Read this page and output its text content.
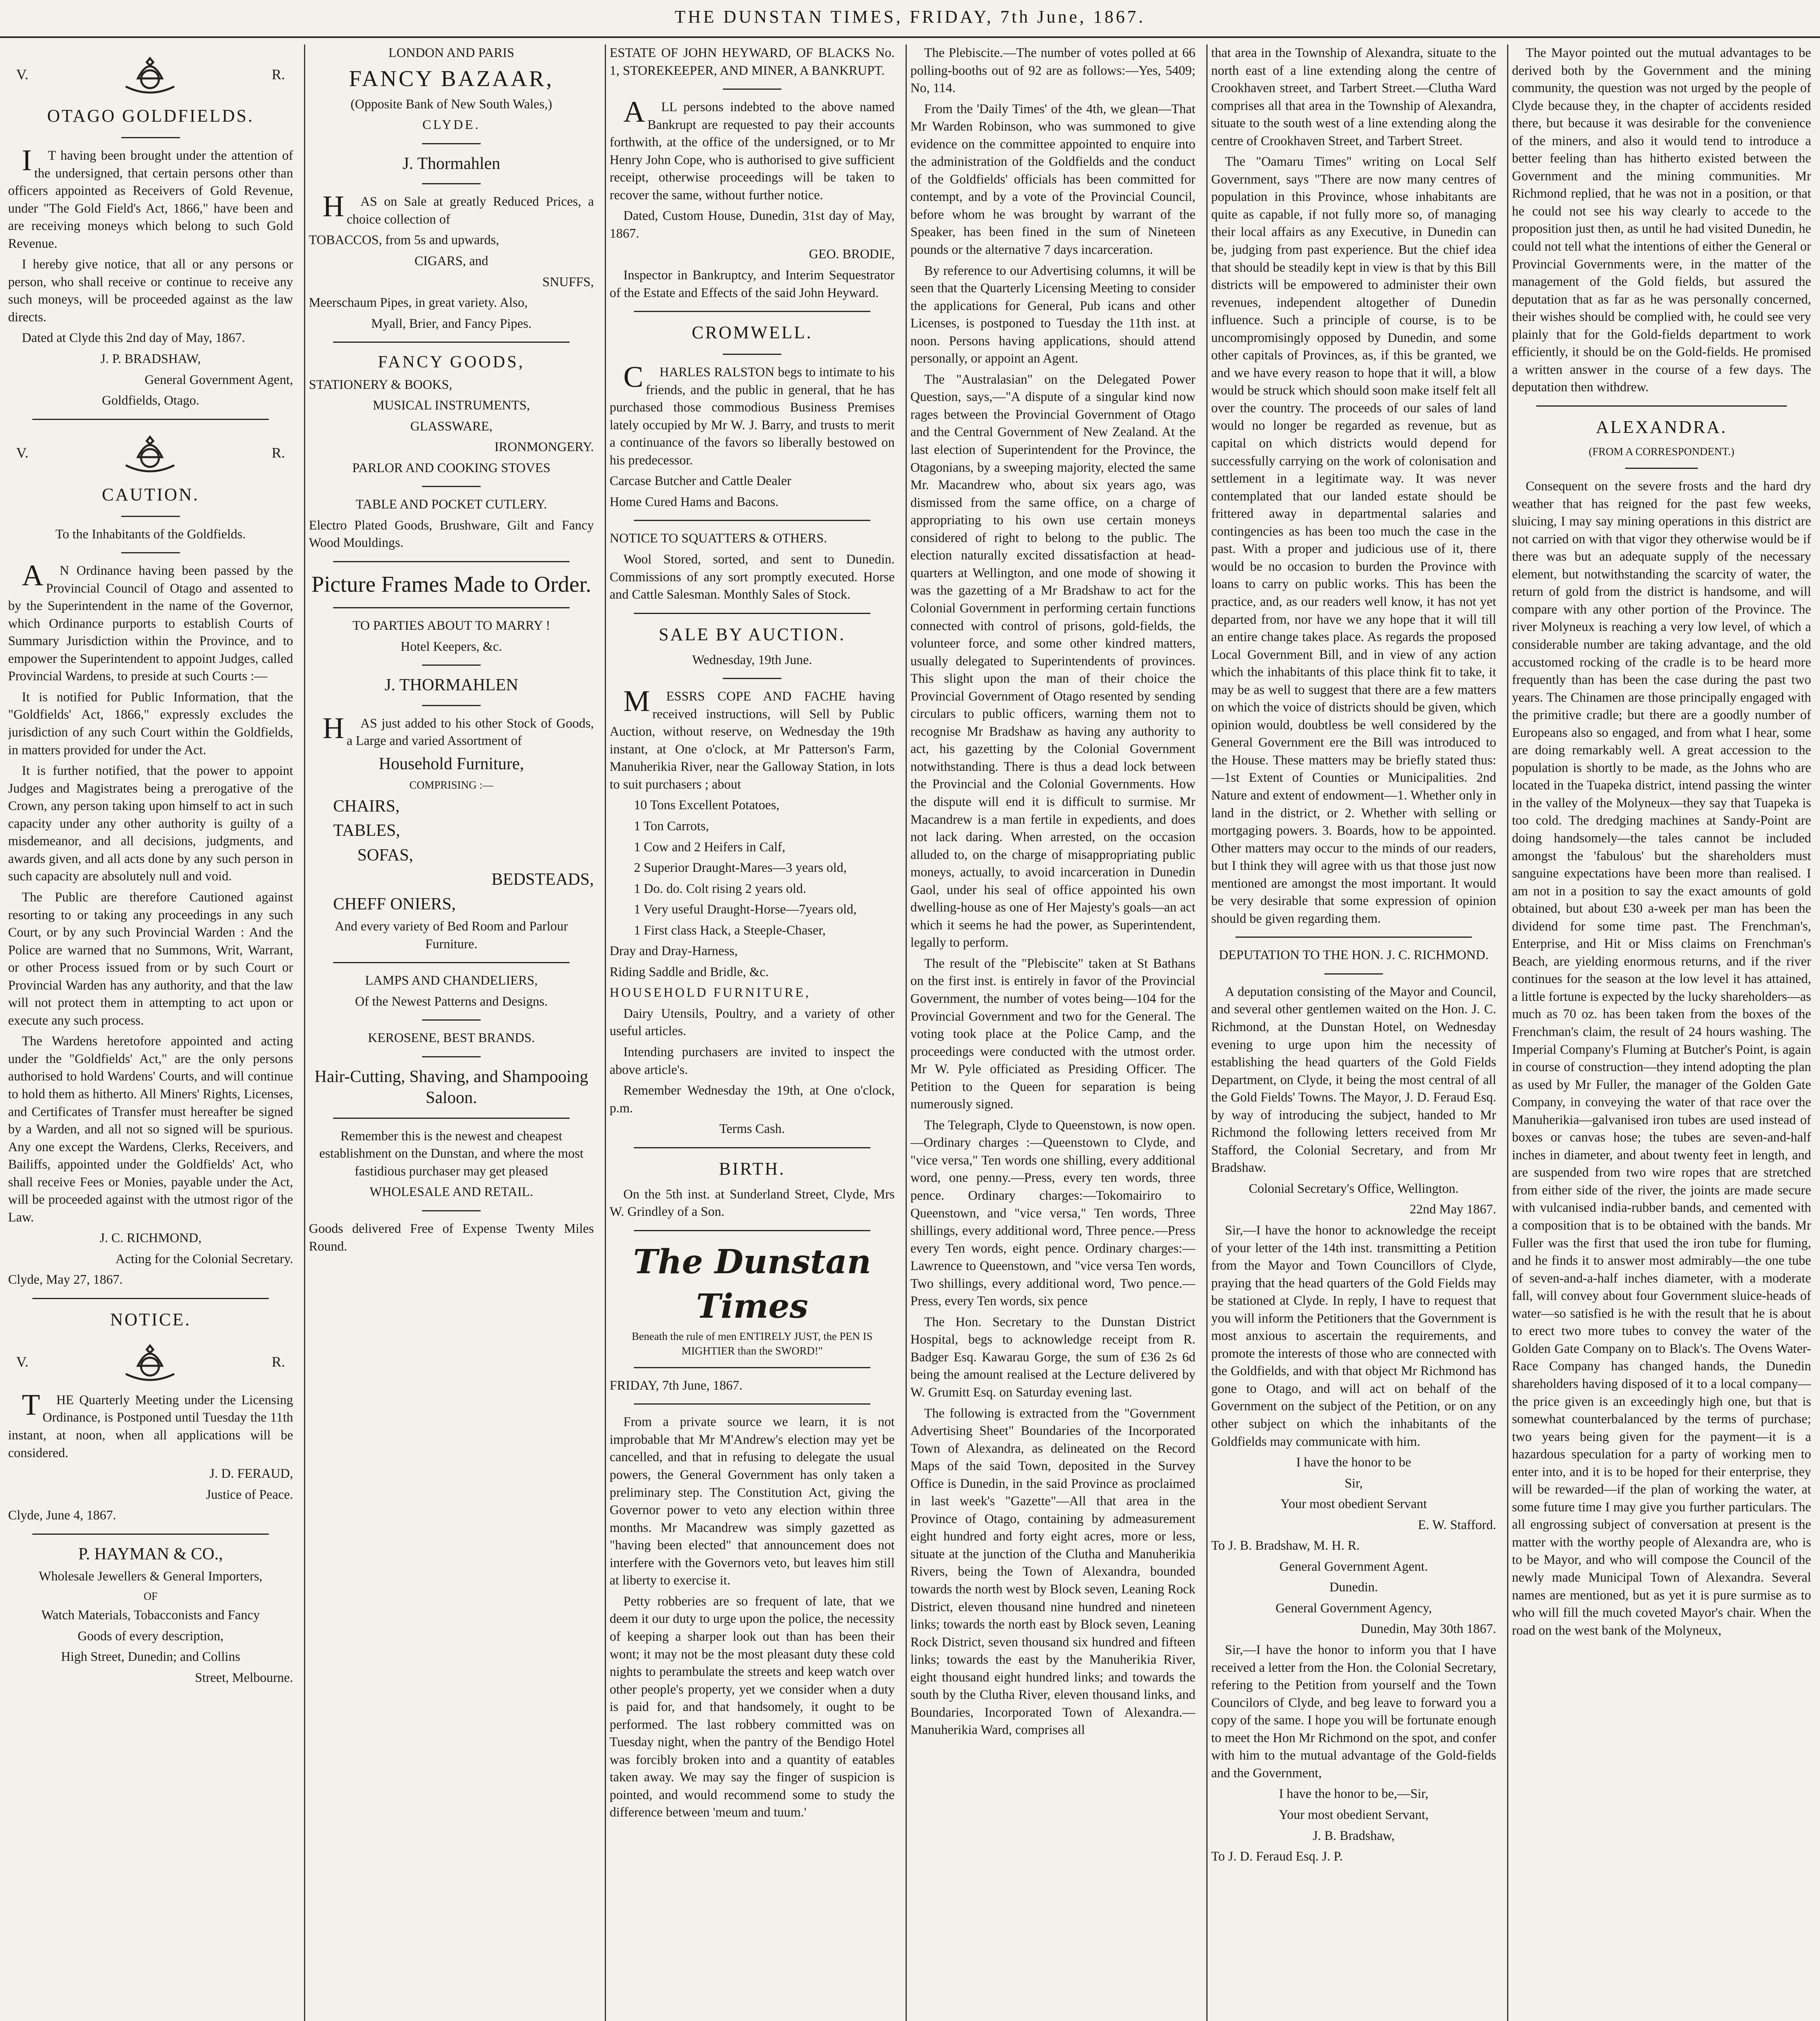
THE DUNSTAN TIMES, FRIDAY, 7th June, 1867.
V.	R.
OTAGO GOLDFIELDS.

IT having been brought under the attention of the undersigned, that certain persons other than officers appointed as Receivers of Gold Revenue, under "The Gold Field's Act, 1866," have been and are receiving moneys which belong to such Gold Revenue.

I hereby give notice, that all or any persons or person, who shall receive or continue to receive any such moneys, will be proceeded against as the law directs.

Dated at Clyde this 2nd day of May, 1867.

J. P. BRADSHAW,

General Government Agent,

Goldfields, Otago.

V.	R.
CAUTION.

To the Inhabitants of the Goldfields.

AN Ordinance having been passed by the Provincial Council of Otago and assented to by the Superintendent in the name of the Governor, which Ordinance purports to establish Courts of Summary Jurisdiction within the Province, and to empower the Superintendent to appoint Judges, called Provincial Wardens, to preside at such Courts :—

It is notified for Public Information, that the "Goldfields' Act, 1866," expressly excludes the jurisdiction of any such Court within the Goldfields, in matters provided for under the Act.

It is further notified, that the power to appoint Judges and Magistrates being a prerogative of the Crown, any person taking upon himself to act in such capacity under any other authority is guilty of a misdemeanor, and all decisions, judgments, and awards given, and all acts done by any such person in such capacity are absolutely null and void.

The Public are therefore Cautioned against resorting to or taking any proceedings in any such Court, or by any such Provincial Warden : And the Police are warned that no Summons, Writ, Warrant, or other Process issued from or by such Court or Provincial Warden has any authority, and that the law will not protect them in attempting to act upon or execute any such process.

The Wardens heretofore appointed and acting under the "Goldfields' Act," are the only persons authorised to hold Wardens' Courts, and will continue to hold them as hitherto. All Miners' Rights, Licenses, and Certificates of Transfer must hereafter be signed by a Warden, and all not so signed will be spurious. Any one except the Wardens, Clerks, Receivers, and Bailiffs, appointed under the Goldfields' Act, who shall receive Fees or Monies, payable under the Act, will be proceeded against with the utmost rigor of the Law.

J. C. RICHMOND,

Acting for the Colonial Secretary.

Clyde, May 27, 1867.

NOTICE.
V.	R.

THE Quarterly Meeting under the Licensing Ordinance, is Postponed until Tuesday the 11th instant, at noon, when all applications will be considered.

J. D. FERAUD,

Justice of Peace.

Clyde, June 4, 1867.

P. HAYMAN & CO.,

Wholesale Jewellers & General Importers,

OF

Watch Materials, Tobacconists and Fancy

Goods of every description,

High Street, Dunedin; and Collins

Street, Melbourne.

LONDON AND PARIS

FANCY BAZAAR,

(Opposite Bank of New South Wales,)

CLYDE.

J. Thormahlen

HAS on Sale at greatly Reduced Prices, a choice collection of

TOBACCOS, from 5s and upwards,

CIGARS, and

SNUFFS,

Meerschaum Pipes, in great variety. Also,

Myall, Brier, and Fancy Pipes.

FANCY GOODS,

STATIONERY & BOOKS,

MUSICAL INSTRUMENTS,

GLASSWARE,

IRONMONGERY.

PARLOR AND COOKING STOVES

TABLE AND POCKET CUTLERY.

Electro Plated Goods, Brushware, Gilt and Fancy Wood Mouldings.

Picture Frames Made to Order.

TO PARTIES ABOUT TO MARRY !

Hotel Keepers, &c.

J. THORMAHLEN

HAS just added to his other Stock of Goods, a Large and varied Assortment of

Household Furniture,

COMPRISING :—

CHAIRS,

TABLES,

SOFAS,

BEDSTEADS,

CHEFF ONIERS,

And every variety of Bed Room and Parlour Furniture.

LAMPS AND CHANDELIERS,

Of the Newest Patterns and Designs.

KEROSENE, BEST BRANDS.

Hair-Cutting, Shaving, and Shampooing Saloon.

Remember this is the newest and cheapest establishment on the Dunstan, and where the most fastidious purchaser may get pleased

WHOLESALE AND RETAIL.

Goods delivered Free of Expense Twenty Miles Round.

ESTATE OF JOHN HEYWARD, OF BLACKS No. 1, STOREKEEPER, AND MINER, A BANKRUPT.

ALL persons indebted to the above named Bankrupt are requested to pay their accounts forthwith, at the office of the undersigned, or to Mr Henry John Cope, who is authorised to give sufficient receipt, otherwise proceedings will be taken to recover the same, without further notice.

Dated, Custom House, Dunedin, 31st day of May, 1867.

GEO. BRODIE,

Inspector in Bankruptcy, and Interim Sequestrator of the Estate and Effects of the said John Heyward.

CROMWELL.

CHARLES RALSTON begs to intimate to his friends, and the public in general, that he has purchased those commodious Business Premises lately occupied by Mr W. J. Barry, and trusts to merit a continuance of the favors so liberally bestowed on his predecessor.

Carcase Butcher and Cattle Dealer

Home Cured Hams and Bacons.

NOTICE TO SQUATTERS & OTHERS.

Wool Stored, sorted, and sent to Dunedin. Commissions of any sort promptly executed. Horse and Cattle Salesman. Monthly Sales of Stock.

SALE BY AUCTION.

Wednesday, 19th June.

MESSRS COPE AND FACHE having received instructions, will Sell by Public Auction, without reserve, on Wednesday the 19th instant, at One o'clock, at Mr Patterson's Farm, Manuherikia River, near the Galloway Station, in lots to suit purchasers ; about

10 Tons Excellent Potatoes,

1 Ton Carrots,

1 Cow and 2 Heifers in Calf,

2 Superior Draught-Mares—3 years old,

1 Do. do. Colt rising 2 years old.

1 Very useful Draught-Horse—7years old,

1 First class Hack, a Steeple-Chaser,

Dray and Dray-Harness,

Riding Saddle and Bridle, &c.

HOUSEHOLD FURNITURE,

Dairy Utensils, Poultry, and a variety of other useful articles.

Intending purchasers are invited to inspect the above article's.

Remember Wednesday the 19th, at One o'clock, p.m.

Terms Cash.

BIRTH.

On the 5th inst. at Sunderland Street, Clyde, Mrs W. Grindley of a Son.

The Dunstan Times

Beneath the rule of men ENTIRELY JUST, the PEN IS MIGHTIER than the SWORD!"

FRIDAY, 7th June, 1867.

From a private source we learn, it is not improbable that Mr M'Andrew's election may yet be cancelled, and that in refusing to delegate the usual powers, the General Government has only taken a preliminary step. The Constitution Act, giving the Governor power to veto any election within three months. Mr Macandrew was simply gazetted as "having been elected" that announcement does not interfere with the Governors veto, but leaves him still at liberty to exercise it.

Petty robberies are so frequent of late, that we deem it our duty to urge upon the police, the necessity of keeping a sharper look out than has been their wont; it may not be the most pleasant duty these cold nights to perambulate the streets and keep watch over other people's property, yet we consider when a duty is paid for, and that handsomely, it ought to be performed. The last robbery committed was on Tuesday night, when the pantry of the Bendigo Hotel was forcibly broken into and a quantity of eatables taken away. We may say the finger of suspicion is pointed, and would recommend some to study the difference between 'meum and tuum.'

The Plebiscite.—The number of votes polled at 66 polling-booths out of 92 are as follows:—Yes, 5409; No, 114.

From the 'Daily Times' of the 4th, we glean—That Mr Warden Robinson, who was summoned to give evidence on the committee appointed to enquire into the administration of the Goldfields and the conduct of the Goldfields' officials has been committed for contempt, and by a vote of the Provincial Council, before whom he was brought by warrant of the Speaker, has been fined in the sum of Nineteen pounds or the alternative 7 days incarceration.

By reference to our Advertising columns, it will be seen that the Quarterly Licensing Meeting to consider the applications for General, Pub icans and other Licenses, is postponed to Tuesday the 11th inst. at noon. Persons having applications, should attend personally, or appoint an Agent.

The "Australasian" on the Delegated Power Question, says,—"A dispute of a singular kind now rages between the Provincial Government of Otago and the Central Government of New Zealand. At the last election of Superintendent for the Province, the Otagonians, by a sweeping majority, elected the same Mr. Macandrew who, about six years ago, was dismissed from the same office, on a charge of appropriating to his own use certain moneys considered of right to belong to the public. The election naturally excited dissatisfaction at head-quarters at Wellington, and one mode of showing it was the gazetting of a Mr Bradshaw to act for the Colonial Government in performing certain functions connected with control of prisons, gold-fields, the volunteer force, and some other kindred matters, usually delegated to Superintendents of provinces. This slight upon the man of their choice the Provincial Government of Otago resented by sending circulars to public officers, warning them not to recognise Mr Bradshaw as having any authority to act, his gazetting by the Colonial Government notwithstanding. There is thus a dead lock between the Provincial and the Colonial Governments. How the dispute will end it is difficult to surmise. Mr Macandrew is a man fertile in expedients, and does not lack daring. When arrested, on the occasion alluded to, on the charge of misappropriating public moneys, actually, to avoid incarceration in Dunedin Gaol, under his seal of office appointed his own dwelling-house as one of Her Majesty's goals—an act which it seems he had the power, as Superintendent, legally to perform.

The result of the "Plebiscite" taken at St Bathans on the first inst. is entirely in favor of the Provincial Government, the number of votes being—104 for the Provincial Government and two for the General. The voting took place at the Police Camp, and the proceedings were conducted with the utmost order. Mr W. Pyle officiated as Presiding Officer. The Petition to the Queen for separation is being numerously signed.

The Telegraph, Clyde to Queenstown, is now open.—Ordinary charges :—Queenstown to Clyde, and "vice versa," Ten words one shilling, every additional word, one penny.—Press, every ten words, three pence. Ordinary charges:—Tokomairiro to Queenstown, and "vice versa," Ten words, Three shillings, every additional word, Three pence.—Press every Ten words, eight pence. Ordinary charges:—Lawrence to Queenstown, and "vice versa Ten words, Two shillings, every additional word, Two pence.—Press, every Ten words, six pence

The Hon. Secretary to the Dunstan District Hospital, begs to acknowledge receipt from R. Badger Esq. Kawarau Gorge, the sum of £36 2s 6d being the amount realised at the Lecture delivered by W. Grumitt Esq. on Saturday evening last.

The following is extracted from the "Government Advertising Sheet" Boundaries of the Incorporated Town of Alexandra, as delineated on the Record Maps of the said Town, deposited in the Survey Office is Dunedin, in the said Province as proclaimed in last week's "Gazette"—All that area in the Province of Otago, containing by admeasurement eight hundred and forty eight acres, more or less, situate at the junction of the Clutha and Manuherikia Rivers, being the Town of Alexandra, bounded towards the north west by Block seven, Leaning Rock District, eleven thousand nine hundred and nineteen links; towards the north east by Block seven, Leaning Rock District, seven thousand six hundred and fifteen links; towards the east by the Manuherikia River, eight thousand eight hundred links; and towards the south by the Clutha River, eleven thousand links, and Boundaries, Incorporated Town of Alexandra.—Manuherikia Ward, comprises all

that area in the Township of Alexandra, situate to the north east of a line extending along the centre of Crookhaven street, and Tarbert Street.—Clutha Ward comprises all that area in the Township of Alexandra, situate to the south west of a line extending along the centre of Crookhaven Street, and Tarbert Street.

The "Oamaru Times" writing on Local Self Government, says "There are now many centres of population in this Province, whose inhabitants are quite as capable, if not fully more so, of managing their local affairs as any Executive, in Dunedin can be, judging from past experience. But the chief idea that should be steadily kept in view is that by this Bill districts will be empowered to administer their own revenues, independent altogether of Dunedin influence. Such a principle of course, is to be uncompromisingly opposed by Dunedin, and some other capitals of Provinces, as, if this be granted, we and we have every reason to hope that it will, a blow would be struck which should soon make itself felt all over the country. The proceeds of our sales of land would no longer be regarded as revenue, but as capital on which districts would depend for successfully carrying on the work of colonisation and settlement in a legitimate way. It was never contemplated that our landed estate should be frittered away in departmental salaries and contingencies as has been too much the case in the past. With a proper and judicious use of it, there would be no occasion to burden the Province with loans to carry on public works. This has been the practice, and, as our readers well know, it has not yet departed from, nor have we any hope that it will till an entire change takes place. As regards the proposed Local Government Bill, and in view of any action which the inhabitants of this place think fit to take, it may be as well to suggest that there are a few matters on which the voice of districts should be given, which opinion would, doubtless be well considered by the General Government ere the Bill was introduced to the House. These matters may be briefly stated thus:—1st Extent of Counties or Municipalities. 2nd Nature and extent of endowment—1. Whether only in land in the district, or 2. Whether with selling or mortgaging powers. 3. Boards, how to be appointed. Other matters may occur to the minds of our readers, but I think they will agree with us that those just now mentioned are amongst the most important. It would be very desirable that some expression of opinion should be given regarding them.

DEPUTATION TO THE HON. J. C. RICHMOND.

A deputation consisting of the Mayor and Council, and several other gentlemen waited on the Hon. J. C. Richmond, at the Dunstan Hotel, on Wednesday evening to urge upon him the necessity of establishing the head quarters of the Gold Fields Department, on Clyde, it being the most central of all the Gold Fields' Towns. The Mayor, J. D. Feraud Esq. by way of introducing the subject, handed to Mr Richmond the following letters received from Mr Stafford, the Colonial Secretary, and from Mr Bradshaw.

Colonial Secretary's Office, Wellington.

22nd May 1867.

Sir,—I have the honor to acknowledge the receipt of your letter of the 14th inst. transmitting a Petition from the Mayor and Town Councillors of Clyde, praying that the head quarters of the Gold Fields may be stationed at Clyde. In reply, I have to request that you will inform the Petitioners that the Government is most anxious to ascertain the requirements, and promote the interests of those who are connected with the Goldfields, and with that object Mr Richmond has gone to Otago, and will act on behalf of the Government on the subject of the Petition, or on any other subject on which the inhabitants of the Goldfields may communicate with him.

I have the honor to be

Sir,

Your most obedient Servant

E. W. Stafford.

To J. B. Bradshaw, M. H. R.

General Government Agent.

Dunedin.

General Government Agency,

Dunedin, May 30th 1867.

Sir,—I have the honor to inform you that I have received a letter from the Hon. the Colonial Secretary, refering to the Petition from yourself and the Town Councilors of Clyde, and beg leave to forward you a copy of the same. I hope you will be fortunate enough to meet the Hon Mr Richmond on the spot, and confer with him to the mutual advantage of the Gold-fields and the Government,

I have the honor to be,—Sir,

Your most obedient Servant,

J. B. Bradshaw,

To J. D. Feraud Esq. J. P.

The Mayor pointed out the mutual advantages to be derived both by the Government and the mining community, the question was not urged by the people of Clyde because they, in the chapter of accidents resided there, but because it was desirable for the convenience of the miners, and also it would tend to introduce a better feeling than has hitherto existed between the Government and the mining communities. Mr Richmond replied, that he was not in a position, or that he could not see his way clearly to accede to the proposition just then, as until he had visited Dunedin, he could not tell what the intentions of either the General or Provincial Governments were, in the matter of the management of the Gold fields, but assured the deputation that as far as he was personally concerned, their wishes should be complied with, he could see very plainly that for the Gold-fields department to work efficiently, it should be on the Gold-fields. He promised a written answer in the course of a few days. The deputation then withdrew.

ALEXANDRA.

(FROM A CORRESPONDENT.)

Consequent on the severe frosts and the hard dry weather that has reigned for the past few weeks, sluicing, I may say mining operations in this district are not carried on with that vigor they otherwise would be if there was but an adequate supply of the necessary element, but notwithstanding the scarcity of water, the return of gold from the district is handsome, and will compare with any other portion of the Province. The river Molyneux is reaching a very low level, of which a considerable number are taking advantage, and the old accustomed rocking of the cradle is to be heard more frequently than has been the case during the past two years. The Chinamen are those principally engaged with the primitive cradle; but there are a goodly number of Europeans also so engaged, and from what I hear, some are doing remarkably well. A great accession to the population is shortly to be made, as the Johns who are located in the Tuapeka district, intend passing the winter in the valley of the Molyneux—they say that Tuapeka is too cold. The dredging machines at Sandy-Point are doing handsomely—the tales cannot be included amongst the 'fabulous' but the shareholders must sanguine expectations have been more than realised. I am not in a position to say the exact amounts of gold obtained, but about £30 a-week per man has been the dividend for some time past. The Frenchman's, Enterprise, and Hit or Miss claims on Frenchman's Beach, are yielding enormous returns, and if the river continues for the season at the low level it has attained, a little fortune is expected by the lucky shareholders—as much as 70 oz. has been taken from the boxes of the Frenchman's claim, the result of 24 hours washing. The Imperial Company's Fluming at Butcher's Point, is again in course of construction—they intend adopting the plan as used by Mr Fuller, the manager of the Golden Gate Company, in conveying the water of that race over the Manuherikia—galvanised iron tubes are used instead of boxes or canvas hose; the tubes are seven-and-half inches in diameter, and about twenty feet in length, and are suspended from two wire ropes that are stretched from either side of the river, the joints are made secure with vulcanised india-rubber bands, and cemented with a composition that is to be obtained with the bands. Mr Fuller was the first that used the iron tube for fluming, and he finds it to answer most admirably—the one tube of seven-and-a-half inches diameter, with a moderate fall, will convey about four Government sluice-heads of water—so satisfied is he with the result that he is about to erect two more tubes to convey the water of the Golden Gate Company on to Black's. The Ovens Water-Race Company has changed hands, the Dunedin shareholders having disposed of it to a local company—the price given is an exceedingly high one, but that is somewhat counterbalanced by the terms of purchase; two years being given for the payment—it is a hazardous speculation for a party of working men to enter into, and it is to be hoped for their enterprise, they will be rewarded—if the plan of working the water, at some future time I may give you further particulars. The all engrossing subject of conversation at present is the matter with the worthy people of Alexandra are, who is to be Mayor, and who will compose the Council of the newly made Municipal Town of Alexandra. Several names are mentioned, but as yet it is pure surmise as to who will fill the much coveted Mayor's chair. When the road on the west bank of the Molyneux,
